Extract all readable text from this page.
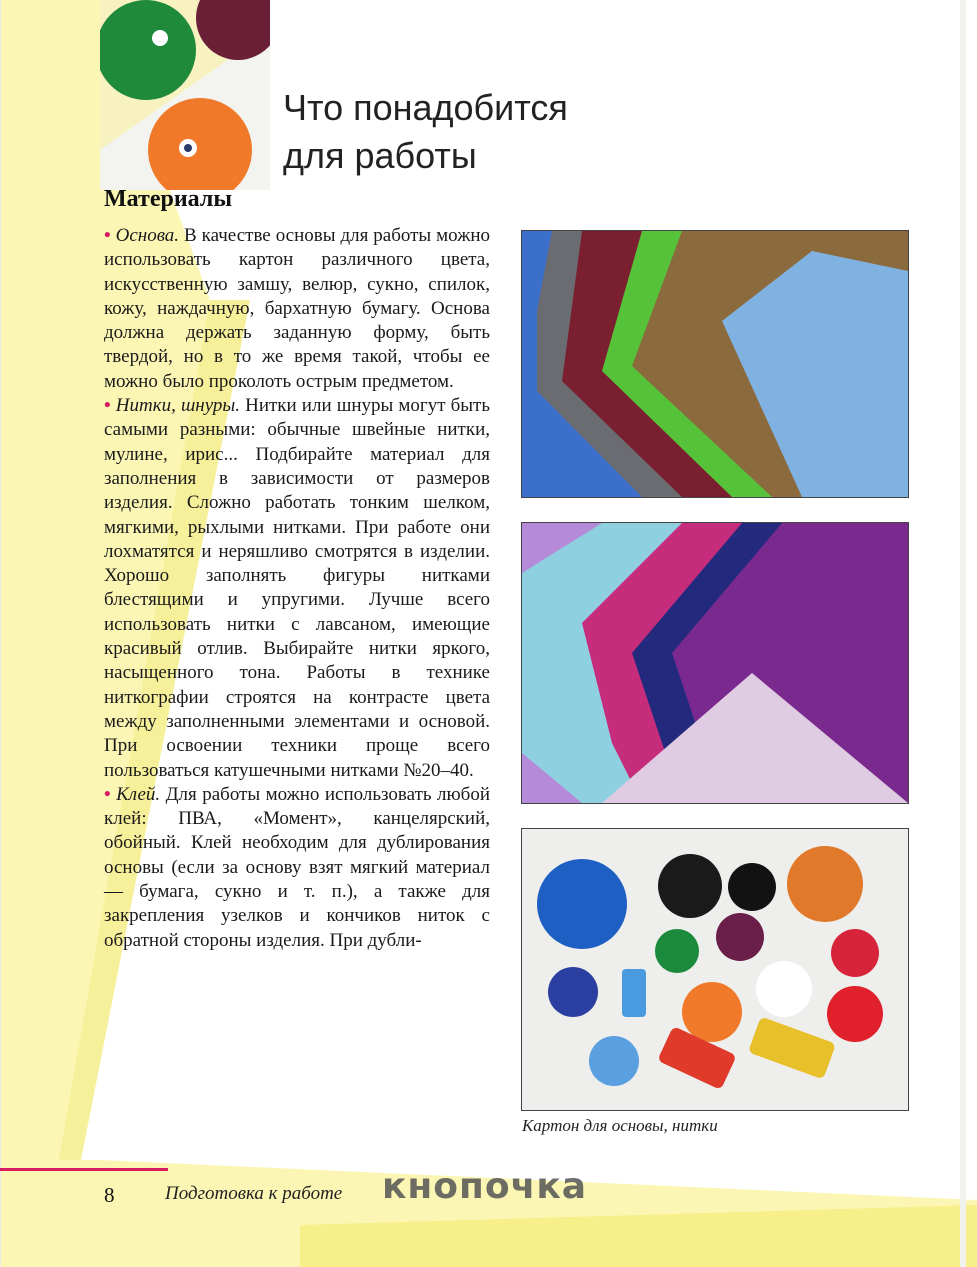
Что понадобится
для работы
Материалы

• Основа. В качестве основы для работы можно использовать картон различного цвета, искусственную замшу, велюр, сукно, спилок, кожу, наждачную, бархатную бумагу. Основа должна держать заданную форму, быть твердой, но в то же время такой, чтобы ее можно было проколоть острым предметом.

• Нитки, шнуры. Нитки или шнуры могут быть самыми разными: обычные швейные нитки, мулине, ирис... Подбирайте материал для заполнения в зависимости от размеров изделия. Сложно работать тонким шелком, мягкими, рыхлыми нитками. При работе они лохматятся и неряшливо смотрятся в изделии. Хорошо заполнять фигуры нитками блестящими и упругими. Лучше всего использовать нитки с лавсаном, имеющие красивый отлив. Выбирайте нитки яркого, насыщенного тона. Работы в технике ниткографии строятся на контрасте цвета между заполненными элементами и основой. При освоении техники проще всего пользоваться катушечными нитками №20–40.

• Клей. Для работы можно использовать любой клей: ПВА, «Момент», канцелярский, обойный. Клей необходим для дублирования основы (если за основу взят мягкий материал — бумага, сукно и т. п.), а также для закрепления узелков и кончиков ниток с обратной стороны изделия. При дубли-

Картон для основы, нитки
8	Подготовка к работе кнопочка
